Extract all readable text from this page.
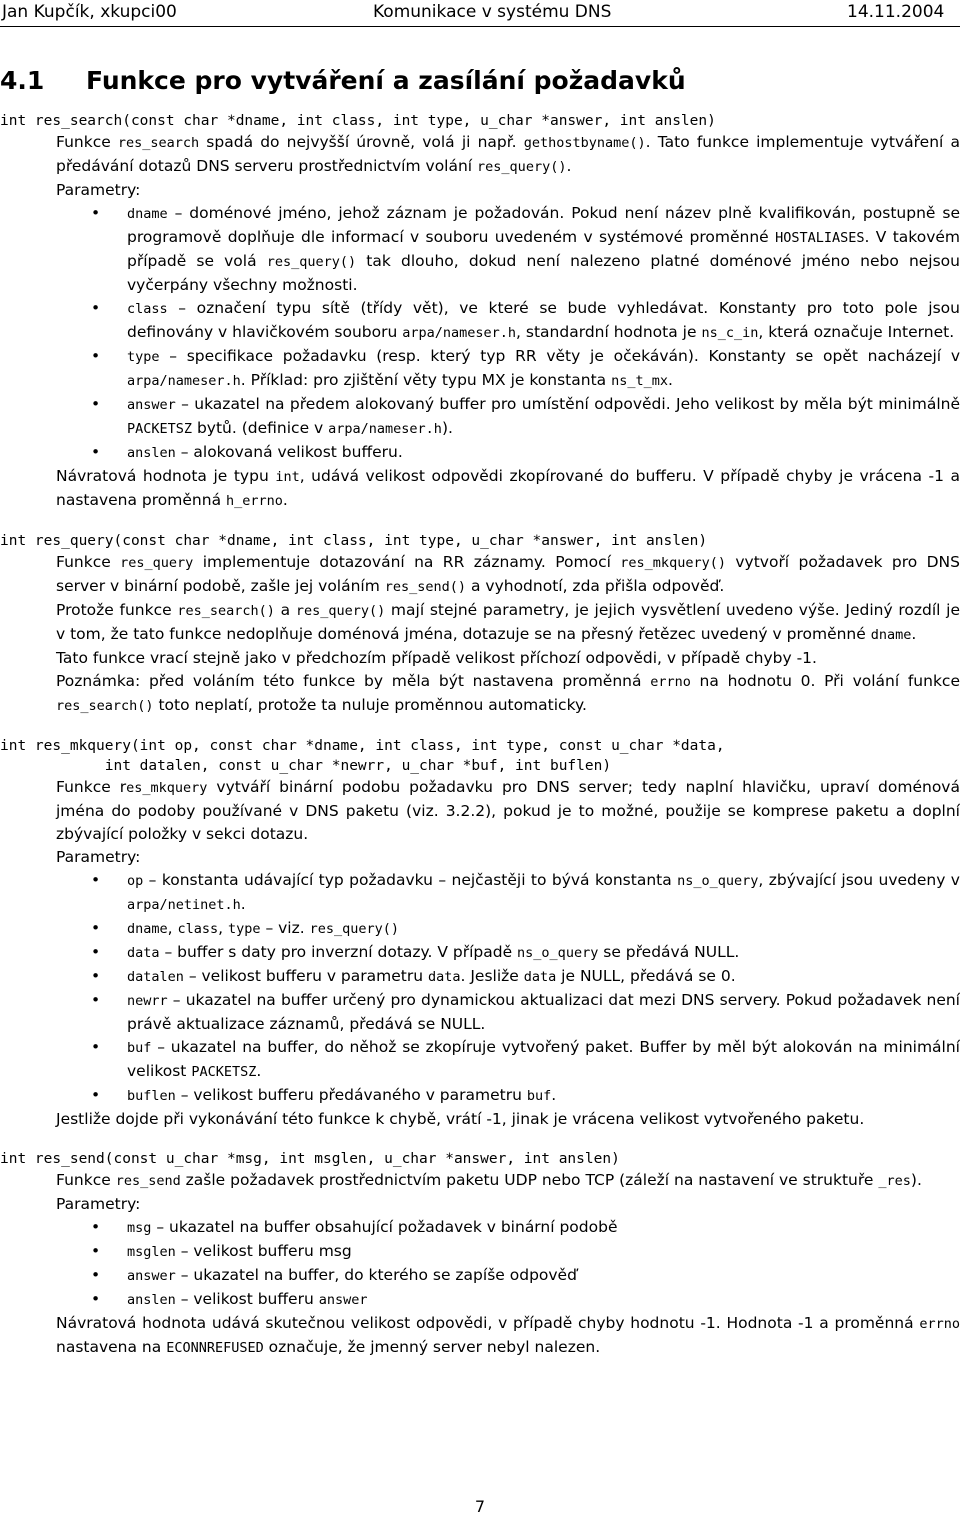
Jan Kupčík, xkupci00	Komunikace v systému DNS	14.11.2004
4.1 Funkce pro vytváření a zasílání požadavků

int res_search(const char *dname, int class, int type, u_char *answer, int anslen)

Funkce res_search spadá do nejvyšší úrovně, volá ji např. gethostbyname(). Tato funkce implementuje vytváření a předávání dotazů DNS serveru prostřednictvím volání res_query().
Parametry:
• dname – doménové jméno, jehož záznam je požadován. Pokud není název plně kvalifikován, postupně se programově doplňuje dle informací v souboru uvedeném v systémové proměnné HOSTALIASES. V takovém případě se volá res_query() tak dlouho, dokud není nalezeno platné doménové jméno nebo nejsou vyčerpány všechny možnosti.
• class – označení typu sítě (třídy vět), ve které se bude vyhledávat. Konstanty pro toto pole jsou definovány v hlavičkovém souboru arpa/nameser.h, standardní hodnota je ns_c_in, která označuje Internet.
• type – specifikace požadavku (resp. který typ RR věty je očekáván). Konstanty se opět nacházejí v arpa/nameser.h. Příklad: pro zjištění věty typu MX je konstanta ns_t_mx.
• answer – ukazatel na předem alokovaný buffer pro umístění odpovědi. Jeho velikost by měla být minimálně PACKETSZ bytů. (definice v arpa/nameser.h).
• anslen – alokovaná velikost bufferu.
Návratová hodnota je typu int, udává velikost odpovědi zkopírované do bufferu. V případě chyby je vrácena -1 a nastavena proměnná h_errno.

int res_query(const char *dname, int class, int type, u_char *answer, int anslen)

Funkce res_query implementuje dotazování na RR záznamy. Pomocí res_mkquery() vytvoří požadavek pro DNS server v binární podobě, zašle jej voláním res_send() a vyhodnotí, zda přišla odpověď.
Protože funkce res_search() a res_query() mají stejné parametry, je jejich vysvětlení uvedeno výše. Jediný rozdíl je v tom, že tato funkce nedoplňuje doménová jména, dotazuje se na přesný řetězec uvedený v proměnné dname.
Tato funkce vrací stejně jako v předchozím případě velikost příchozí odpovědi, v případě chyby -1.
Poznámka: před voláním této funkce by měla být nastavena proměnná errno na hodnotu 0. Při volání funkce res_search() toto neplatí, protože ta nuluje proměnnou automaticky.

int res_mkquery(int op, const char *dname, int class, int type, const u_char *data,
int datalen, const u_char *newrr, u_char *buf, int buflen)

Funkce res_mkquery vytváří binární podobu požadavku pro DNS server; tedy naplní hlavičku, upraví doménová jména do podoby používané v DNS paketu (viz. 3.2.2), pokud je to možné, použije se komprese paketu a doplní zbývající položky v sekci dotazu.
Parametry:
• op – konstanta udávající typ požadavku – nejčastěji to bývá konstanta ns_o_query, zbývající jsou uvedeny v arpa/netinet.h.
• dname, class, type – viz. res_query()
• data – buffer s daty pro inverzní dotazy. V případě ns_o_query se předává NULL.
• datalen – velikost bufferu v parametru data. Jesliže data je NULL, předává se 0.
• newrr – ukazatel na buffer určený pro dynamickou aktualizaci dat mezi DNS servery. Pokud požadavek není právě aktualizace záznamů, předává se NULL.
• buf – ukazatel na buffer, do něhož se zkopíruje vytvořený paket. Buffer by měl být alokován na minimální velikost PACKETSZ.
• buflen – velikost bufferu předávaného v parametru buf.
Jestliže dojde při vykonávání této funkce k chybě, vrátí -1, jinak je vrácena velikost vytvořeného paketu.

int res_send(const u_char *msg, int msglen, u_char *answer, int anslen)

Funkce res_send zašle požadavek prostřednictvím paketu UDP nebo TCP (záleží na nastavení ve struktuře _res).
Parametry:
• msg – ukazatel na buffer obsahující požadavek v binární podobě
• msglen – velikost bufferu msg
• answer – ukazatel na buffer, do kterého se zapíše odpověď
• anslen – velikost bufferu answer
Návratová hodnota udává skutečnou velikost odpovědi, v případě chyby hodnotu -1. Hodnota -1 a proměnná errno nastavena na ECONNREFUSED označuje, že jmenný server nebyl nalezen.
7
